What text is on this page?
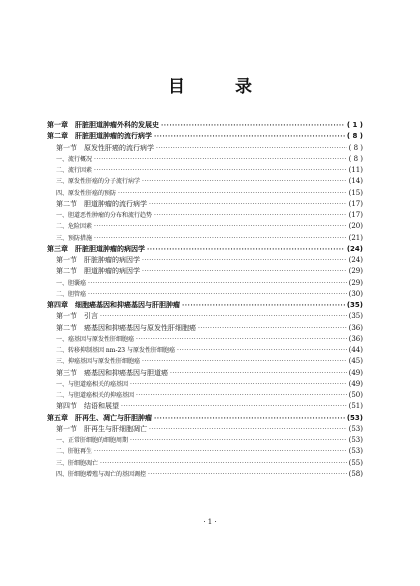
目 录
第一章　肝脏胆道肿瘤外科的发展史 ·····	( 1 )
第二章　肝脏胆道肿瘤的流行病学 ·····	( 8 )
第一节　原发性肝癌的流行病学 ·····	( 8 )
一、流行概况 ·····	( 8 )
二、流行因素 ·····	(11)
三、原发性肝癌的分子流行病学 ·····	(14)
四、原发性肝癌的预防 ·····	(15)
第二节　胆道肿瘤的流行病学 ·····	(17)
一、胆道恶性肿瘤的分布和流行趋势 ·····	(17)
二、危险因素 ·····	(20)
三、预防措施 ·····	(21)
第三章　肝脏胆道肿瘤的病因学 ·····	(24)
第一节　肝脏肿瘤的病因学 ·····	(24)
第二节　胆道肿瘤的病因学 ·····	(29)
一、胆囊癌 ·····	(29)
二、胆管癌 ·····	(30)
第四章　细胞癌基因和抑癌基因与肝胆肿瘤 ·····	(35)
第一节　引言 ·····	(35)
第二节　癌基因和抑癌基因与原发性肝细胞癌 ·····	(36)
一、癌基因与原发性肝细胞癌 ·····	(36)
二、转移抑制基因 nm-23 与原发性肝细胞癌 ·····	(44)
三、抑癌基因与原发性肝细胞癌 ·····	(45)
第三节　癌基因和抑癌基因与胆道癌 ·····	(49)
一、与胆道癌相关的癌基因 ·····	(49)
二、与胆道癌相关的抑癌基因 ·····	(50)
第四节　结语和展望 ·····	(51)
第五章　肝再生、凋亡与肝胆肿瘤 ·····	(53)
第一节　肝再生与肝细胞凋亡 ·····	(53)
一、正常肝细胞的细胞周期 ·····	(53)
二、肝脏再生 ·····	(53)
三、肝细胞凋亡 ·····	(55)
四、肝细胞增殖与凋亡的基因调控 ·····	(58)
· 1 ·
